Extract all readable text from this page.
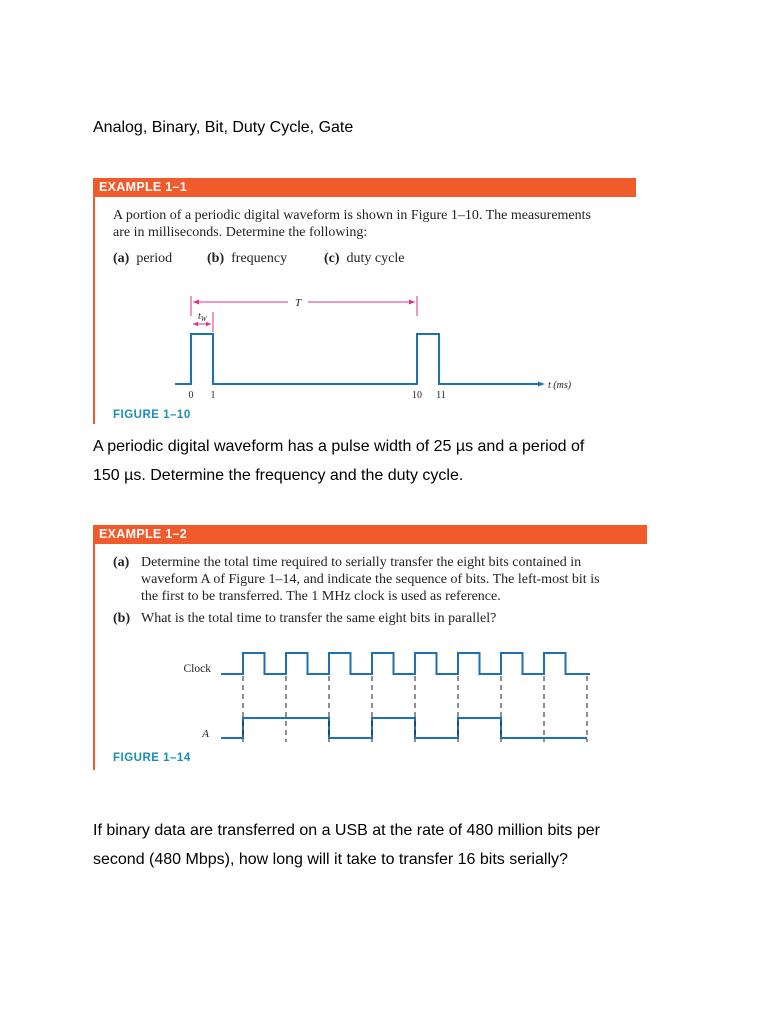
Analog, Binary, Bit, Duty Cycle, Gate
EXAMPLE 1–1
A portion of a periodic digital waveform is shown in Figure 1–10. The measurements
are in milliseconds. Determine the following:
(a) period (b) frequency	(c) duty cycle
T
$t_W$
t (ms)
0 1	10 11
FIGURE 1–10
A periodic digital waveform has a pulse width of 25 µs and a period of
150 µs. Determine the frequency and the duty cycle.
EXAMPLE 1–2
(a) Determine the total time required to serially transfer the eight bits contained in
waveform A of Figure 1–14, and indicate the sequence of bits. The left-most bit is
the first to be transferred. The 1 MHz clock is used as reference.
(b) What is the total time to transfer the same eight bits in parallel?
Clock
A
FIGURE 1–14
If binary data are transferred on a USB at the rate of 480 million bits per
second (480 Mbps), how long will it take to transfer 16 bits serially?
